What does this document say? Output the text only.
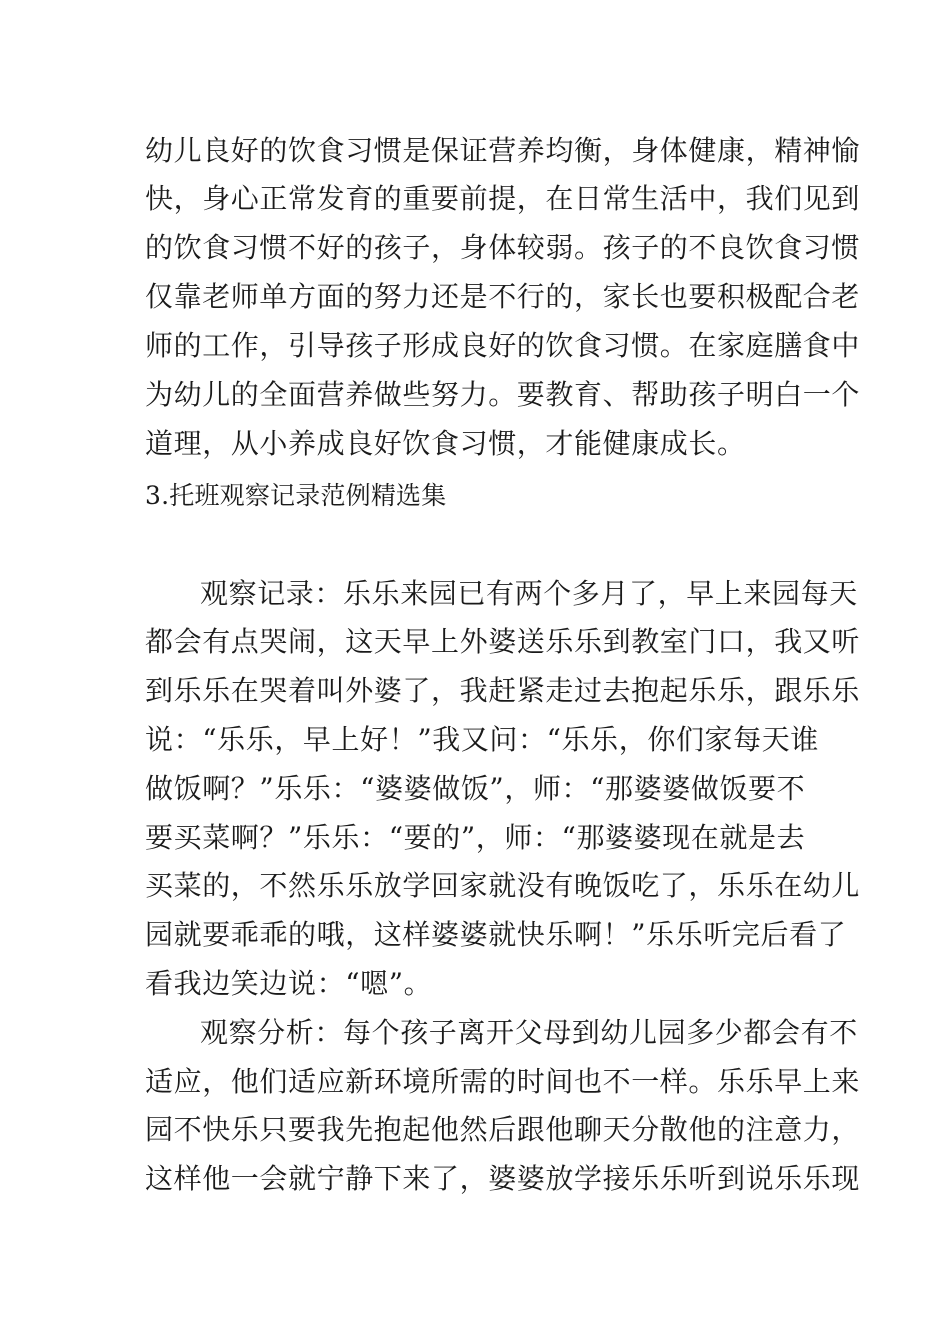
幼儿良好的饮食习惯是保证营养均衡，身体健康，精神愉
快，身心正常发育的重要前提，在日常生活中，我们见到
的饮食习惯不好的孩子，身体较弱。孩子的不良饮食习惯
仅靠老师单方面的努力还是不行的，家长也要积极配合老
师的工作，引导孩子形成良好的饮食习惯。在家庭膳食中
为幼儿的全面营养做些努力。要教育、帮助孩子明白一个
道理，从小养成良好饮食习惯，才能健康成长。
3.托班观察记录范例精选集
观察记录：乐乐来园已有两个多月了，早上来园每天
都会有点哭闹，这天早上外婆送乐乐到教室门口，我又听
到乐乐在哭着叫外婆了，我赶紧走过去抱起乐乐，跟乐乐
说：“乐乐，早上好！”我又问：“乐乐，你们家每天谁
做饭啊？”乐乐：“婆婆做饭”，师：“那婆婆做饭要不
要买菜啊？”乐乐：“要的”，师：“那婆婆现在就是去
买菜的，不然乐乐放学回家就没有晚饭吃了，乐乐在幼儿
园就要乖乖的哦，这样婆婆就快乐啊！”乐乐听完后看了
看我边笑边说：“嗯”。
观察分析：每个孩子离开父母到幼儿园多少都会有不
适应，他们适应新环境所需的时间也不一样。乐乐早上来
园不快乐只要我先抱起他然后跟他聊天分散他的注意力，
这样他一会就宁静下来了，婆婆放学接乐乐听到说乐乐现
